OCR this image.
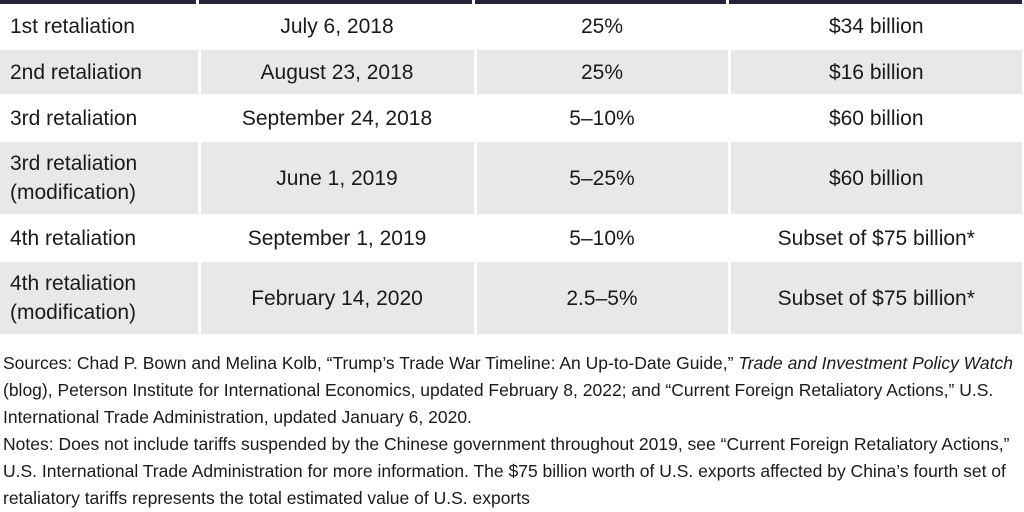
1st retaliation	July 6, 2018	25%	$34 billion
2nd retaliation	August 23, 2018	25%	$16 billion
3rd retaliation	September 24, 2018	5–10%	$60 billion
3rd retaliation (modification)	June 1, 2019	5–25%	$60 billion
4th retaliation	September 1, 2019	5–10%	Subset of $75 billion*
4th retaliation (modification)	February 14, 2020	2.5–5%	Subset of $75 billion*

Sources: Chad P. Bown and Melina Kolb, “Trump’s Trade War Timeline: An Up-to-Date Guide,” Trade and Investment Policy Watch (blog), Peterson Institute for International Economics, updated February 8, 2022; and “Current Foreign Retaliatory Actions,” U.S. International Trade Administration, updated January 6, 2020.

Notes: Does not include tariffs suspended by the Chinese government throughout 2019, see “Current Foreign Retaliatory Actions,” U.S. International Trade Administration for more information. The $75 billion worth of U.S. exports affected by China’s fourth set of retaliatory tariffs represents the total estimated value of U.S. exports
